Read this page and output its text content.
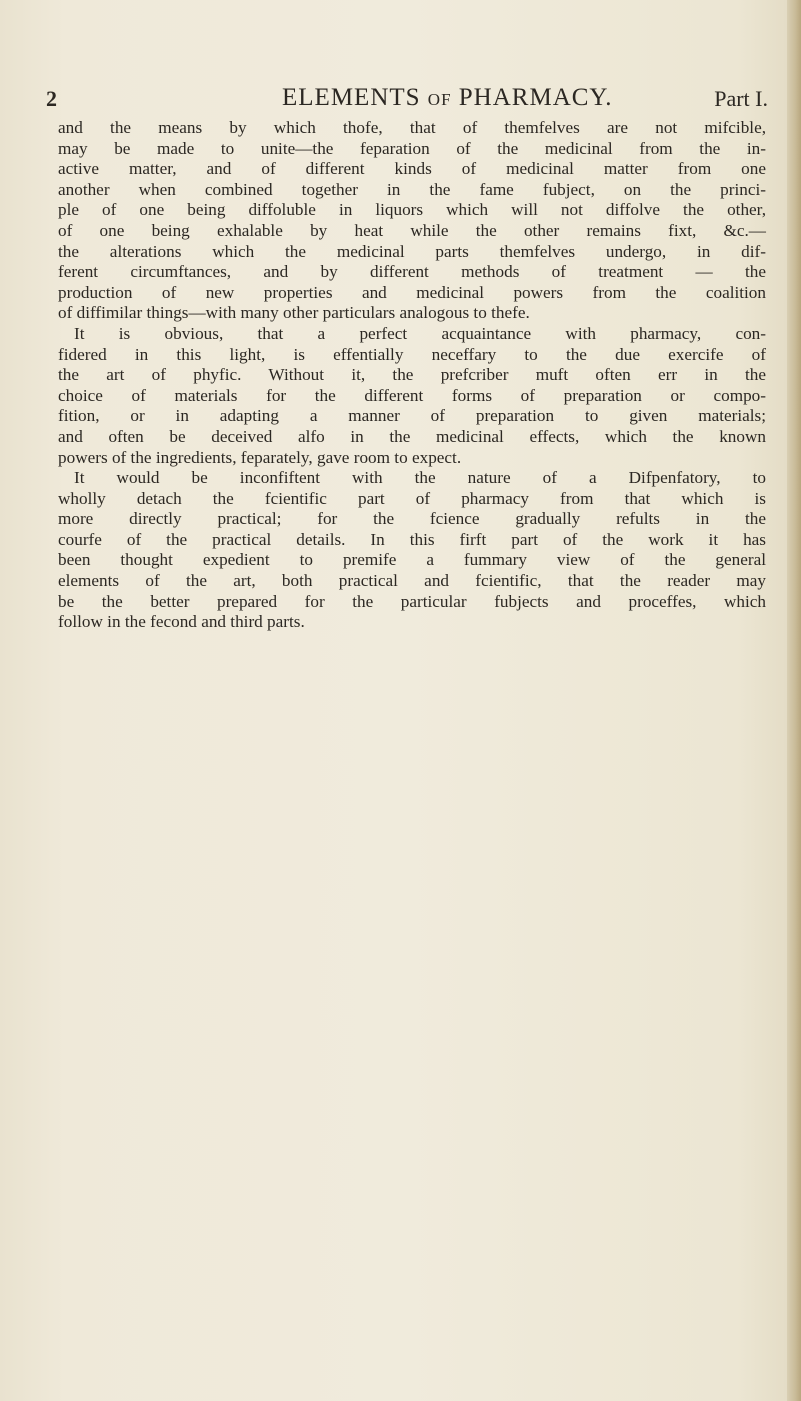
2	ELEMENTS OF PHARMACY.	Part I.
and the means by which thofe, that of themfelves are not mifcible,
may be made to unite—the feparation of the medicinal from the in-
active matter, and of different kinds of medicinal matter from one
another when combined together in the fame fubject, on the princi-
ple of one being diffoluble in liquors which will not diffolve the other,
of one being exhalable by heat while the other remains fixt, &c.—
the alterations which the medicinal parts themfelves undergo, in dif-
ferent circumftances, and by different methods of treatment — the
production of new properties and medicinal powers from the coalition
of diffimilar things—with many other particulars analogous to thefe.
It is obvious, that a perfect acquaintance with pharmacy, con-
fidered in this light, is effentially neceffary to the due exercife of
the art of phyfic. Without it, the prefcriber muft often err in the
choice of materials for the different forms of preparation or compo-
fition, or in adapting a manner of preparation to given materials;
and often be deceived alfo in the medicinal effects, which the known
powers of the ingredients, feparately, gave room to expect.
It would be inconfiftent with the nature of a Difpenfatory, to
wholly detach the fcientific part of pharmacy from that which is
more directly practical; for the fcience gradually refults in the
courfe of the practical details. In this firft part of the work it has
been thought expedient to premife a fummary view of the general
elements of the art, both practical and fcientific, that the reader may
be the better prepared for the particular fubjects and proceffes, which
follow in the fecond and third parts.
